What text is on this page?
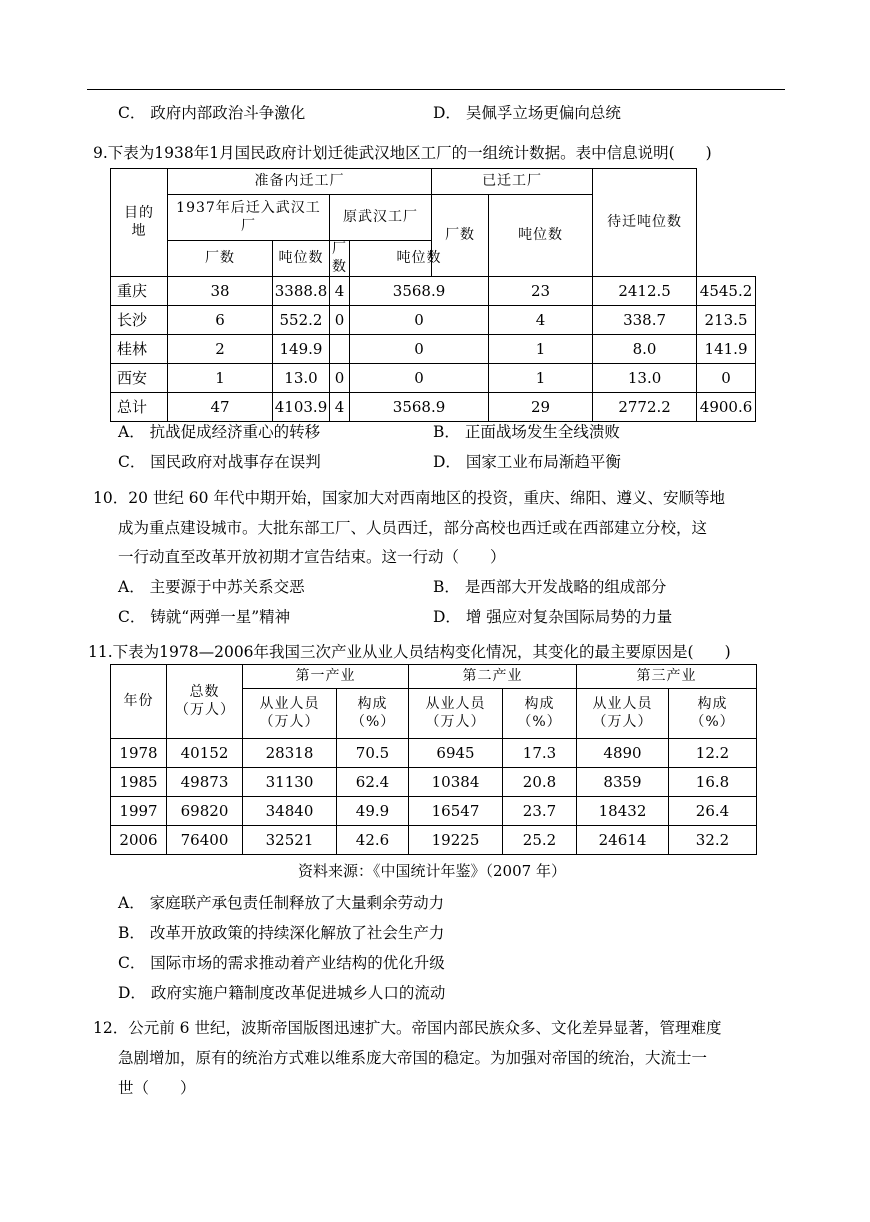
C． 政府内部政治斗争激化	D． 吴佩孚立场更偏向总统
9.下表为1938年1月国民政府计划迁徙武汉地区工厂的一组统计数据。表中信息说明(　　)
目的地	准备内迁工厂				已迁工厂		待迁吨位数	
	1937年后迁入武汉工厂		原武汉工厂		厂数	吨位数		
	厂数	吨位数	厂数	吨位数				
重庆	38	3388.8	4	3568.9		23	2412.5	4545.2
长沙	6	552.2	0	0		4	338.7	213.5
桂林	2	149.9		0		1	8.0	141.9
西安	1	13.0	0	0		1	13.0	0
总计	47	4103.9	4	3568.9		29	2772.2	4900.6
A． 抗战促成经济重心的转移	B． 正面战场发生全线溃败
C． 国民政府对战事存在误判	D． 国家工业布局渐趋平衡
10．20 世纪 60 年代中期开始，国家加大对西南地区的投资，重庆、绵阳、遵义、安顺等地
成为重点建设城市。大批东部工厂、人员西迁，部分高校也西迁或在西部建立分校，这
一行动直至改革开放初期才宣告结束。这一行动（　　）
A． 主要源于中苏关系交恶	B． 是西部大开发战略的组成部分
C． 铸就“两弹一星”精神	D． 增 强应对复杂国际局势的力量
11.下表为1978—2006年我国三次产业从业人员结构变化情况，其变化的最主要原因是(　　)
年份	总数（万人）	第一产业		第二产业		第三产业	
		从业人员（万人）	构成（%）	从业人员（万人）	构成（%）	从业人员（万人）	构成（%）
1978	40152	28318	70.5	6945	17.3	4890	12.2
1985	49873	31130	62.4	10384	20.8	8359	16.8
1997	69820	34840	49.9	16547	23.7	18432	26.4
2006	76400	32521	42.6	19225	25.2	24614	32.2
资料来源：《中国统计年鉴》（2007 年）
A． 家庭联产承包责任制释放了大量剩余劳动力
B． 改革开放政策的持续深化解放了社会生产力
C． 国际市场的需求推动着产业结构的优化升级
D． 政府实施户籍制度改革促进城乡人口的流动
12．公元前 6 世纪，波斯帝国版图迅速扩大。帝国内部民族众多、文化差异显著，管理难度
急剧增加，原有的统治方式难以维系庞大帝国的稳定。为加强对帝国的统治，大流士一
世（　　）
